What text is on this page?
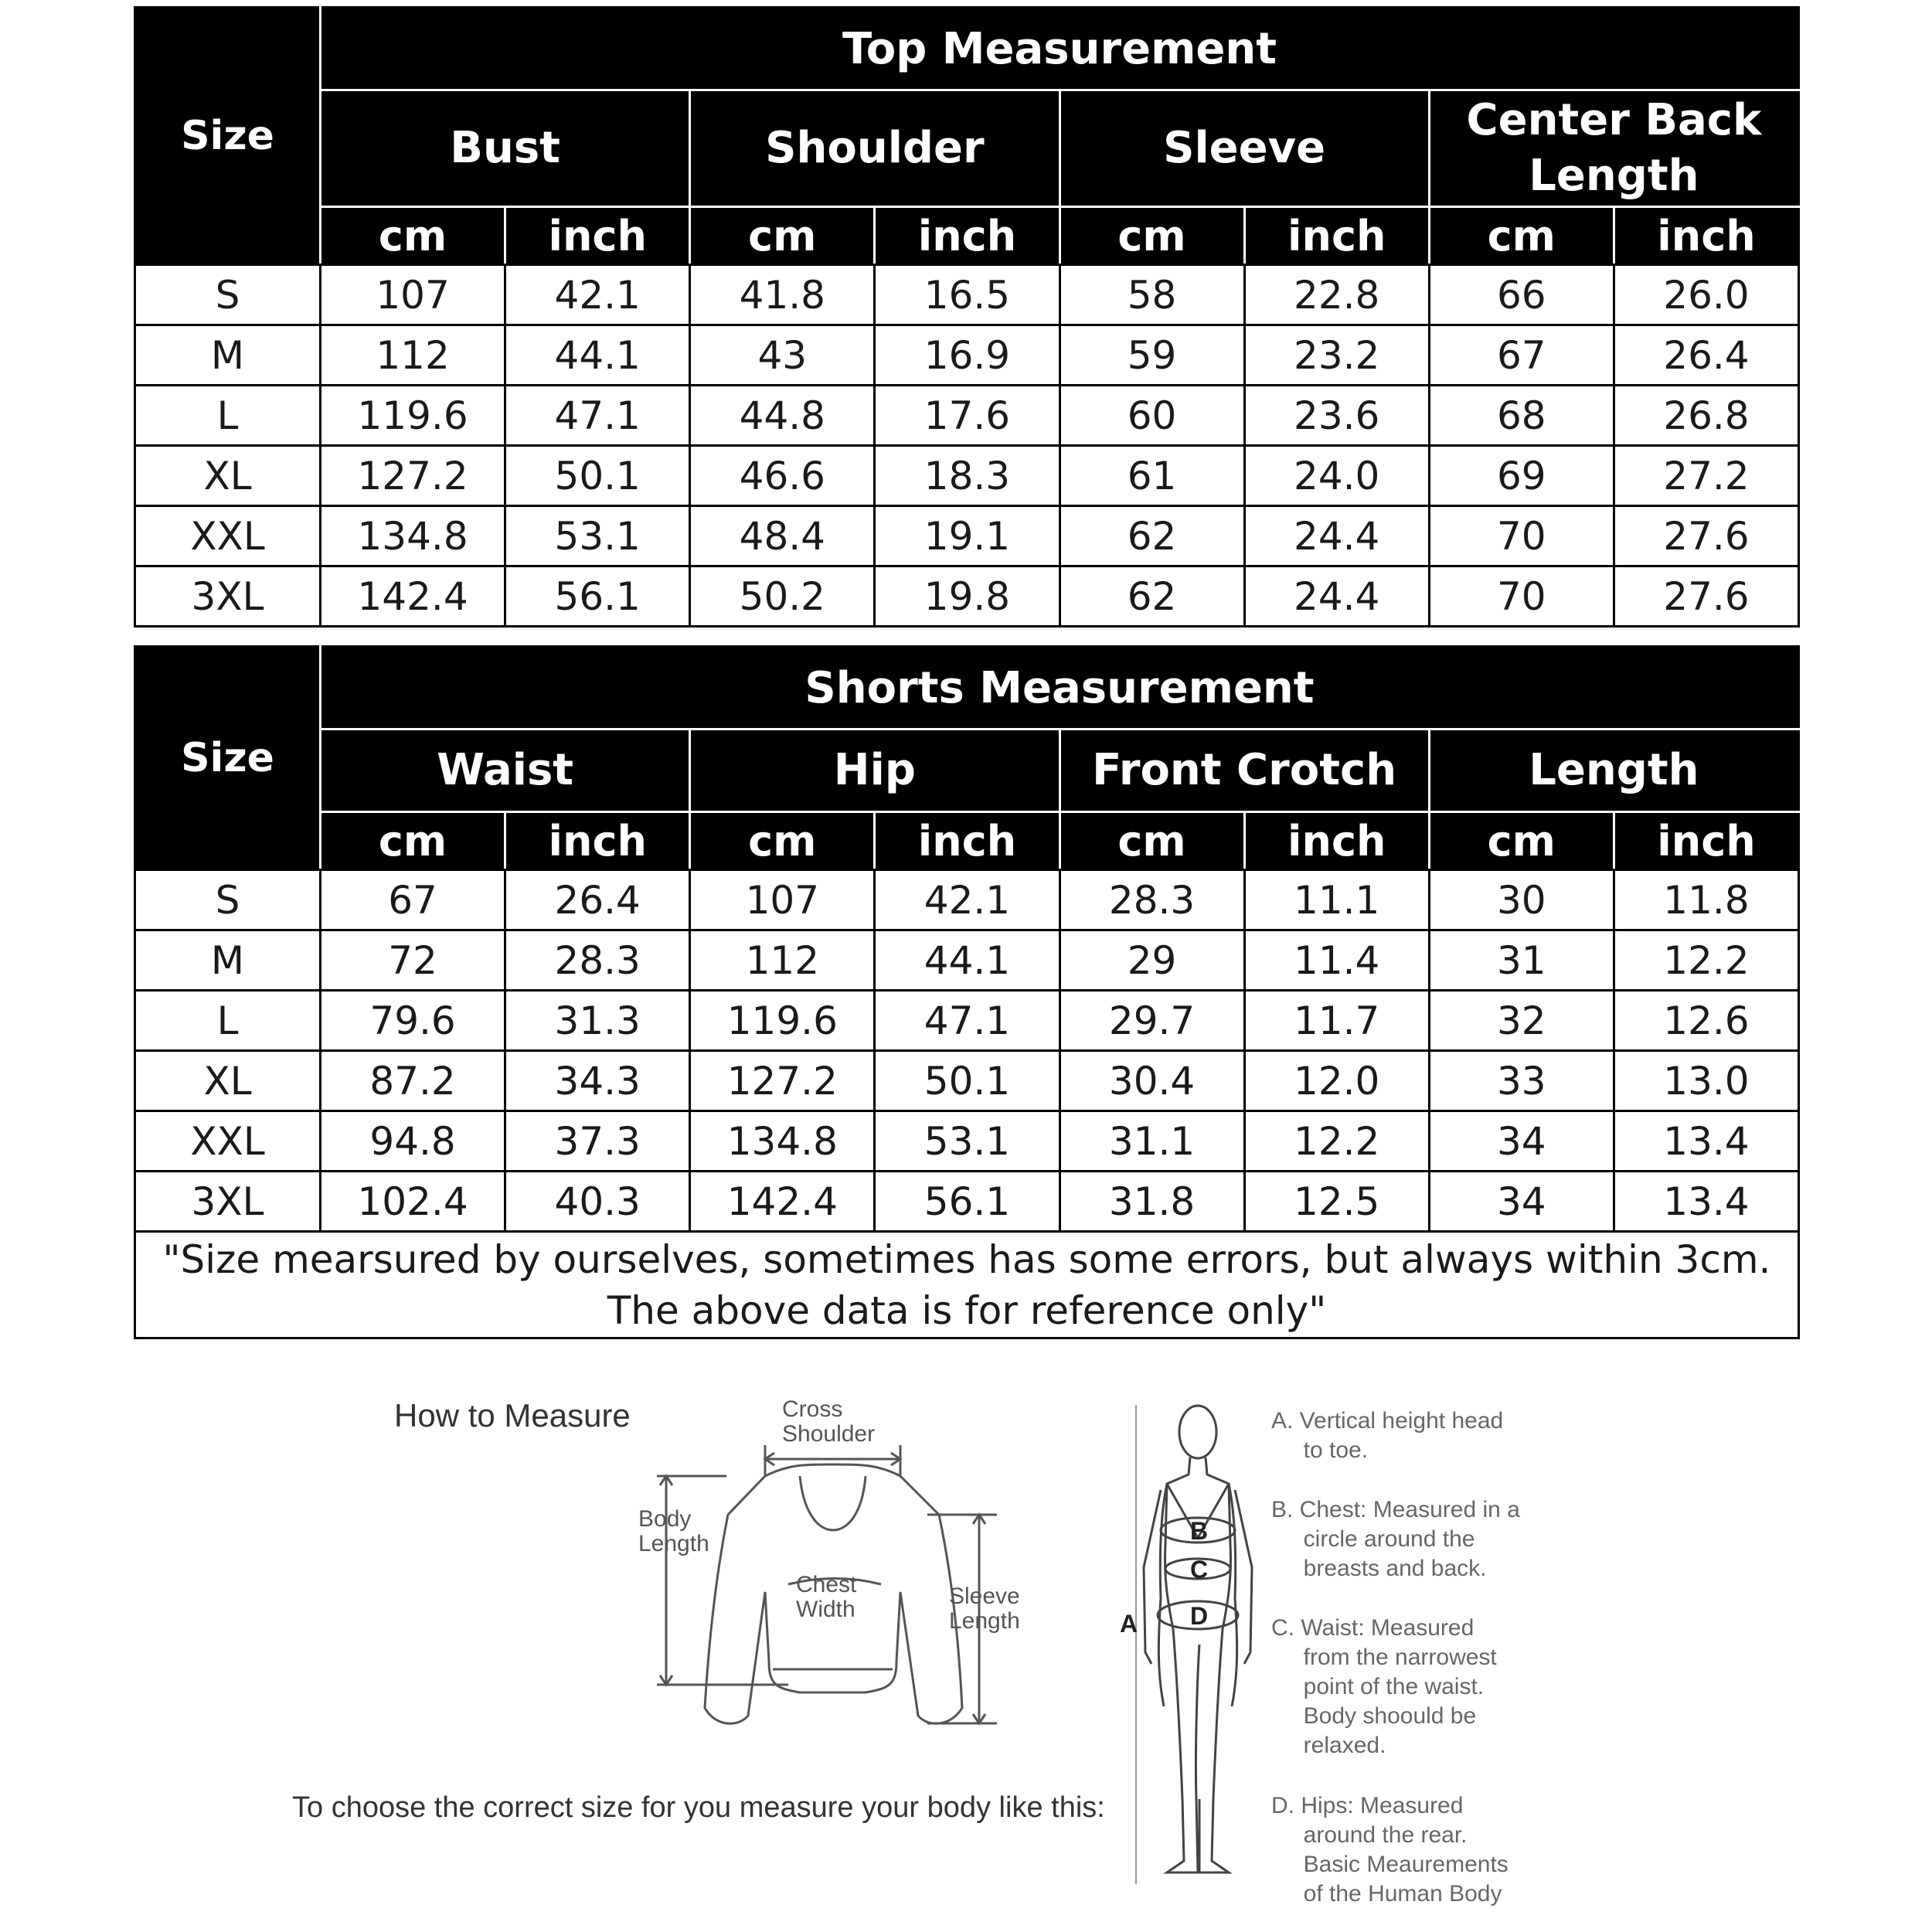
Size	Top Measurement							
	Bust		Shoulder		Sleeve		Center Back Length	
	cm	inch	cm	inch	cm	inch	cm	inch
S	107	42.1	41.8	16.5	58	22.8	66	26.0
M	112	44.1	43	16.9	59	23.2	67	26.4
L	119.6	47.1	44.8	17.6	60	23.6	68	26.8
XL	127.2	50.1	46.6	18.3	61	24.0	69	27.2
XXL	134.8	53.1	48.4	19.1	62	24.4	70	27.6
3XL	142.4	56.1	50.2	19.8	62	24.4	70	27.6
Size	Shorts Measurement							
	Waist		Hip		Front Crotch		Length	
	cm	inch	cm	inch	cm	inch	cm	inch
S	67	26.4	107	42.1	28.3	11.1	30	11.8
M	72	28.3	112	44.1	29	11.4	31	12.2
L	79.6	31.3	119.6	47.1	29.7	11.7	32	12.6
XL	87.2	34.3	127.2	50.1	30.4	12.0	33	13.0
XXL	94.8	37.3	134.8	53.1	31.1	12.2	34	13.4
3XL	102.4	40.3	142.4	56.1	31.8	12.5	34	13.4

"Size mearsured by ourselves, sometimes has some errors, but always within 3cm.
The above data is for reference only"								
How to Measure
To choose the correct size for you measure your body like this:
Cross
Shoulder
Body
Length
Chest
Width
Sleeve
Length	A
B
C
D
A. Vertical height head
to toe.
B. Chest: Measured in a
circle around the
breasts and back.
C. Waist: Measured
from the narrowest
point of the waist.
Body shoould be
relaxed.
D. Hips: Measured
around the rear.
Basic Meaurements
of the Human Body
